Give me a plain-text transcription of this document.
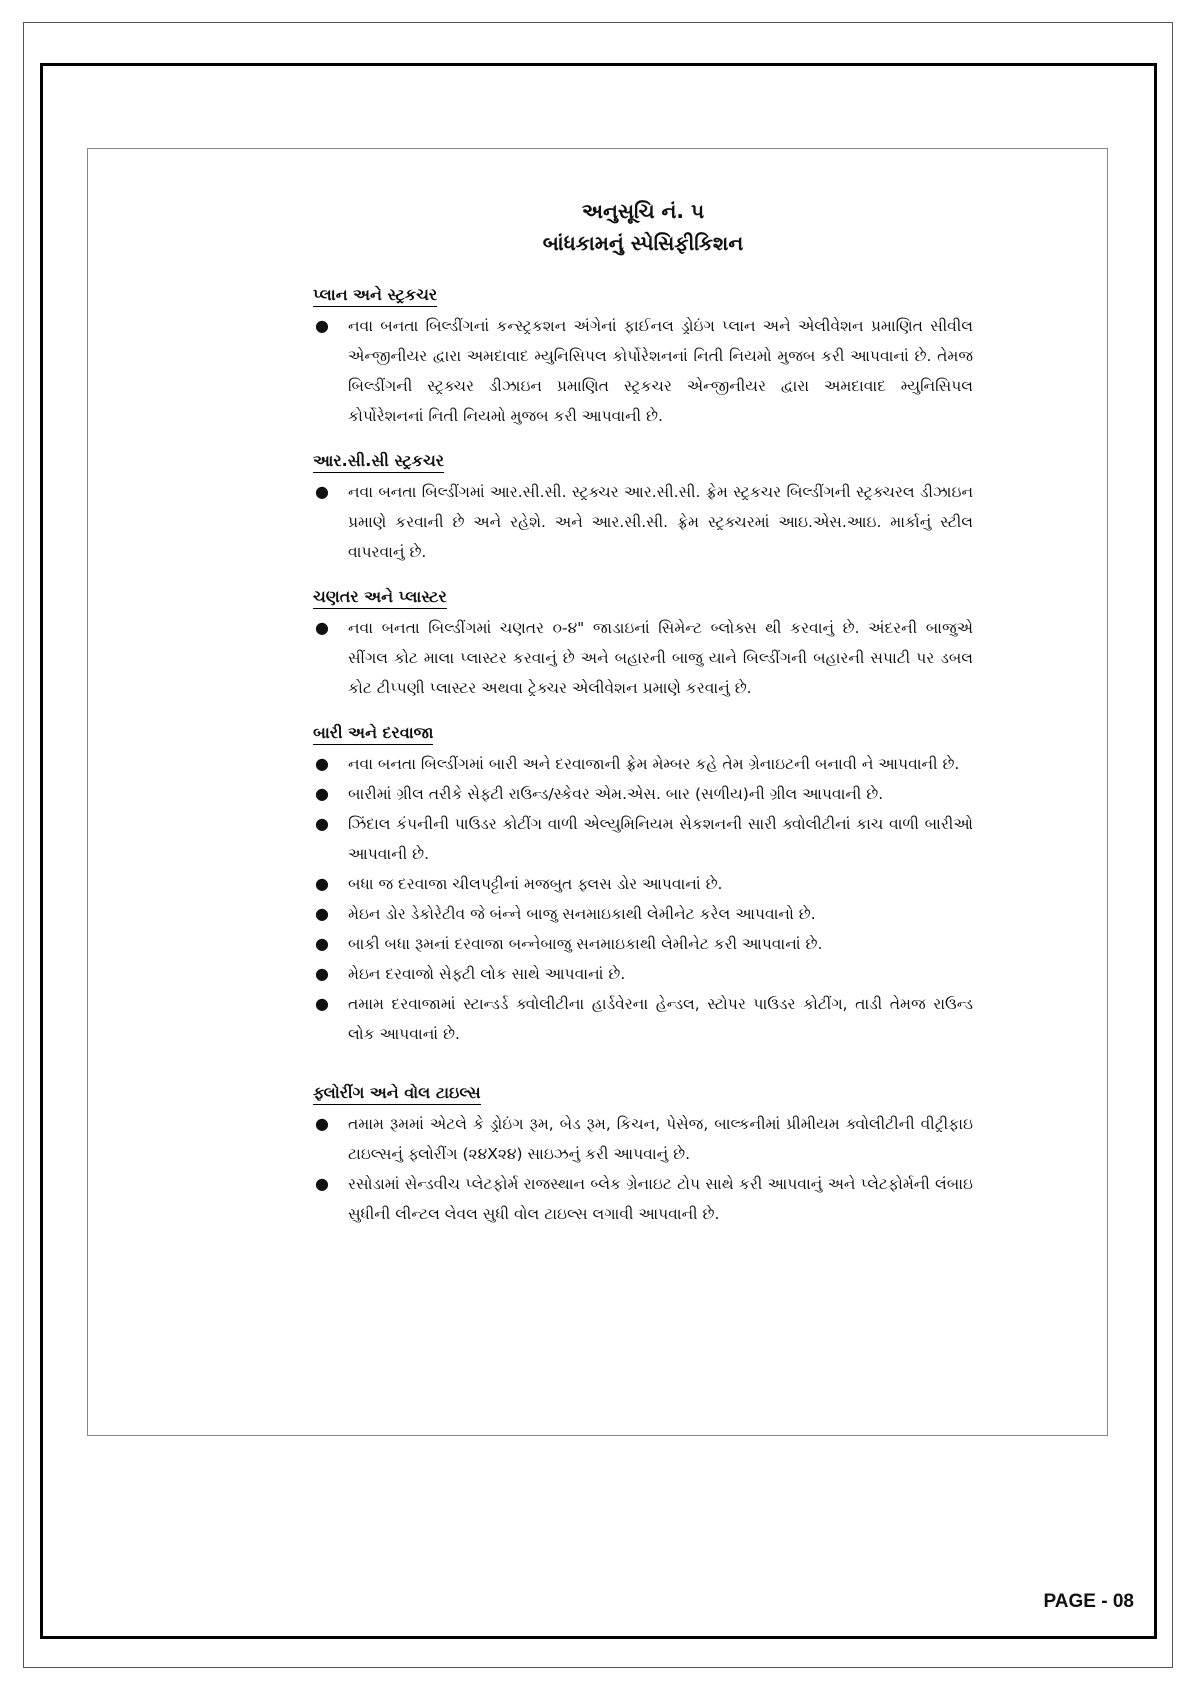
અનુસૂચિ નં. ૫

બાંધકામનું સ્પેસિફીકિશન

પ્લાન અને સ્ટ્રકચર
● નવા બનતા બિલ્ડીંગનાં કન્સ્ટ્રકશન અંગેનાં ફાઈનલ ડ્રોઇંગ પ્લાન અને એલીવેશન પ્રમાણિત સીવીલ એન્જીનીયર દ્વારા અમદાવાદ મ્યુનિસિપલ કોર્પોરેશનનાં નિતી નિયમો મુજબ કરી આપવાનાં છે. તેમજ બિલ્ડીંગની સ્ટ્રક્ચર ડીઝાઇન પ્રમાણિત સ્ટ્રકચર એન્જીનીયર દ્વારા અમદાવાદ મ્યુનિસિપલ કોર્પોરેશનનાં નિતી નિયમો મુજબ કરી આપવાની છે.
આર.સી.સી સ્ટ્રકચર
● નવા બનતા બિલ્ડીંગમાં આર.સી.સી. સ્ટ્રક્ચર આર.સી.સી. ફ્રેમ સ્ટ્રકચર બિલ્ડીંગની સ્ટ્રક્ચરલ ડીઝાઇન પ્રમાણે કરવાની છે અને રહેશે. અને આર.સી.સી. ફ્રેમ સ્ટ્રક્ચરમાં આઇ.એસ.આઇ. માર્કાનું સ્ટીલ વાપરવાનું છે.
ચણતર અને પ્લાસ્ટર
● નવા બનતા બિલ્ડીંગમાં ચણતર ૦-૪" જાડાઇનાં સિમેન્ટ બ્લોક્સ થી કરવાનું છે. અંદરની બાજુએ સીંગલ કોટ માલા પ્લાસ્ટર કરવાનું છે અને બહારની બાજુ યાને બિલ્ડીંગની બહારની સપાટી પર ડબલ કોટ ટીપ્પણી પ્લાસ્ટર અથવા ટ્રેક્ચર એલીવેશન પ્રમાણે કરવાનું છે.
બારી અને દરવાજા
● નવા બનતા બિલ્ડીંગમાં બારી અને દરવાજાની ફ્રેમ મેમ્બર કહે તેમ ગ્રેનાઇટની બનાવી ને આપવાની છે.
● બારીમાં ગ્રીલ તરીકે સેફ્ટી રાઉન્ડ/સ્કેવર એમ.એસ. બાર (સળીય)ની ગ્રીલ આપવાની છે.
● ઝિંદાલ કંપનીની પાઉડર કોટીંગ વાળી એલ્યુમિનિયમ સેકશનની સારી ક્વોલીટીનાં કાચ વાળી બારીઓ આપવાની છે.
● બધા જ દરવાજા ચીલપટ્ટીનાં મજબુત ફ્લસ ડોર આપવાનાં છે.
● મેઇન ડોર ડેકોરેટીવ જે બંન્ને બાજુ સનમાઇકાથી લેમીનેટ કરેલ આપવાનો છે.
● બાકી બધા રૂમનાં દરવાજા બન્નેબાજુ સનમાઇકાથી લેમીનેટ કરી આપવાનાં છે.
● મેઇન દરવાજો સેફ્ટી લોક સાથે આપવાનાં છે.
● તમામ દરવાજામાં સ્ટાન્ડર્ડ ક્વોલીટીના હાર્ડવેરના હેન્ડલ, સ્ટોપર પાઉડર કોટીંગ, તાડી તેમજ રાઉન્ડ લોક આપવાનાં છે.
ફ્લોરીંગ અને વોલ ટાઇલ્સ
● તમામ રૂમમાં એટલે કે ડ્રોઇંગ રૂમ, બેડ રૂમ, કિચન, પેસેજ, બાલ્કનીમાં પ્રીમીયમ ક્વોલીટીની વીટ્રીફાઇ ટાઇલ્સનું ફ્લોરીંગ (૨૪X૨૪) સાઇઝનું કરી આપવાનું છે.
● રસોડામાં સેન્ડવીચ પ્લેટફોર્મ રાજસ્થાન બ્લેક ગ્રેનાઇટ ટોપ સાથે કરી આપવાનું અને પ્લેટફોર્મની લંબાઇ સુધીની લીન્ટલ લેવલ સુધી વોલ ટાઇલ્સ લગાવી આપવાની છે.
PAGE - 08
